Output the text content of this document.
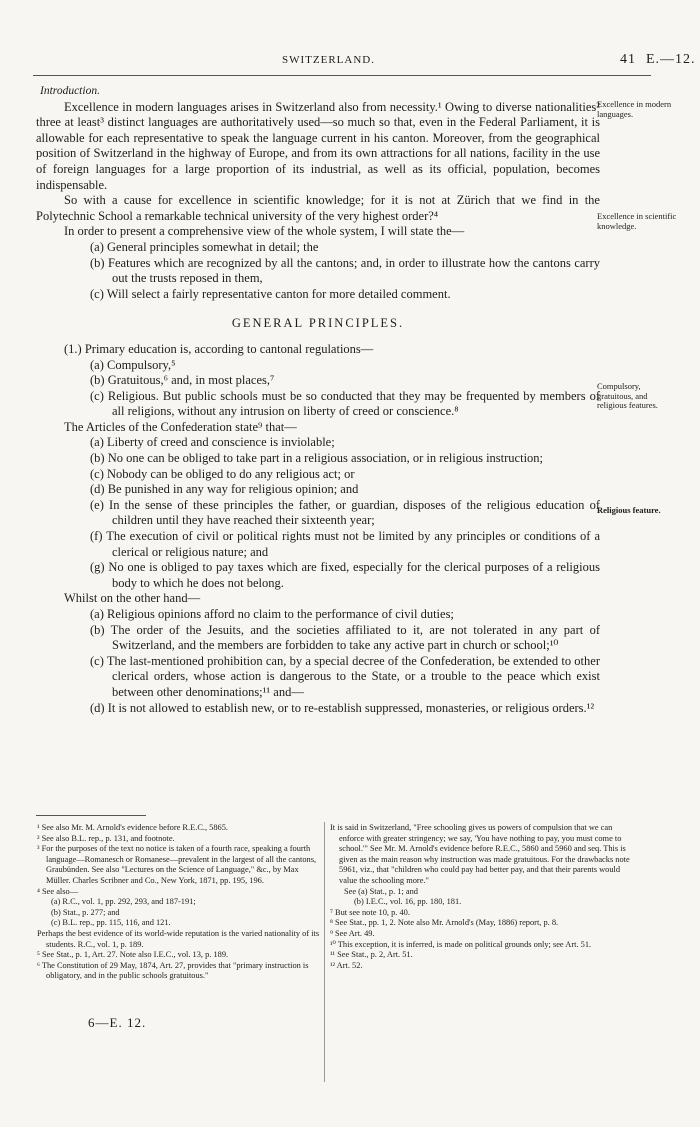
SWITZERLAND.	41 E.—12.

Introduction.

Excellence in modern languages arises in Switzerland also from necessity.¹ Owing to diverse nationalities² three at least³ distinct languages are authoritatively used—so much so that, even in the Federal Parliament, it is allowable for each representative to speak the language current in his canton. Moreover, from the geographical position of Switzerland in the highway of Europe, and from its own attractions for all nations, facility in the use of foreign languages for a large proportion of its industrial, as well as its official, population, becomes indispensable.

So with a cause for excellence in scientific knowledge; for it is not at Zürich that we find in the Polytechnic School a remarkable technical university of the very highest order?⁴

In order to present a comprehensive view of the whole system, I will state the—

(a) General principles somewhat in detail; the

(b) Features which are recognized by all the cantons; and, in order to illustrate how the cantons carry out the trusts reposed in them,

(c) Will select a fairly representative canton for more detailed comment.

GENERAL PRINCIPLES.

(1.) Primary education is, according to cantonal regulations—

(a) Compulsory,⁵

(b) Gratuitous,⁶ and, in most places,⁷

(c) Religious. But public schools must be so conducted that they may be frequented by members of all religions, without any intrusion on liberty of creed or conscience.⁸

The Articles of the Confederation state⁹ that—

(a) Liberty of creed and conscience is inviolable;

(b) No one can be obliged to take part in a religious association, or in religious instruction;

(c) Nobody can be obliged to do any religious act; or

(d) Be punished in any way for religious opinion; and

(e) In the sense of these principles the father, or guardian, disposes of the religious education of children until they have reached their sixteenth year;

(f) The execution of civil or political rights must not be limited by any principles or conditions of a clerical or religious nature; and

(g) No one is obliged to pay taxes which are fixed, especially for the clerical purposes of a religious body to which he does not belong.

Whilst on the other hand—

(a) Religious opinions afford no claim to the performance of civil duties;

(b) The order of the Jesuits, and the societies affiliated to it, are not tolerated in any part of Switzerland, and the members are forbidden to take any active part in church or school;¹⁰

(c) The last-mentioned prohibition can, by a special decree of the Confederation, be extended to other clerical orders, whose action is dangerous to the State, or a trouble to the peace which exist between other denominations;¹¹ and—

(d) It is not allowed to establish new, or to re-establish suppressed, monasteries, or religious orders.¹²

Excellence in modern languages.
Excellence in scientific knowledge.
Compulsory, gratuitous, and religious features.
Religious feature.

¹ See also Mr. M. Arnold's evidence before R.E.C., 5865.

² See also B.L. rep., p. 131, and footnote.

³ For the purposes of the text no notice is taken of a fourth race, speaking a fourth language—Romanesch or Romanese—prevalent in the largest of all the cantons, Graubünden. See also "Lectures on the Science of Language," &c., by Max Müller. Charles Scribner and Co., New York, 1871, pp. 195, 196.

⁴ See also—

(a) R.C., vol. 1, pp. 292, 293, and 187-191;

(b) Stat., p. 277; and

(c) B.L. rep., pp. 115, 116, and 121.

Perhaps the best evidence of its world-wide reputation is the varied nationality of its students. R.C., vol. 1, p. 189.

⁵ See Stat., p. 1, Art. 27. Note also I.E.C., vol. 13, p. 189.

⁶ The Constitution of 29 May, 1874, Art. 27, provides that "primary instruction is obligatory, and in the public schools gratuitous."

It is said in Switzerland, "Free schooling gives us powers of compulsion that we can enforce with greater stringency; we say, 'You have nothing to pay, you must come to school.'" See Mr. M. Arnold's evidence before R.E.C., 5860 and 5960 and seq. This is given as the main reason why instruction was made gratuitous. For the drawbacks note 5961, viz., that "children who could pay had better pay, and that their parents would value the schooling more."

See (a) Stat., p. 1; and

(b) I.E.C., vol. 16, pp. 180, 181.

⁷ But see note 10, p. 40.

⁸ See Stat., pp. 1, 2. Note also Mr. Arnold's (May, 1886) report, p. 8.

⁹ See Art. 49.

¹⁰ This exception, it is inferred, is made on political grounds only; see Art. 51.

¹¹ See Stat., p. 2, Art. 51.

¹² Art. 52.

6—E. 12.
